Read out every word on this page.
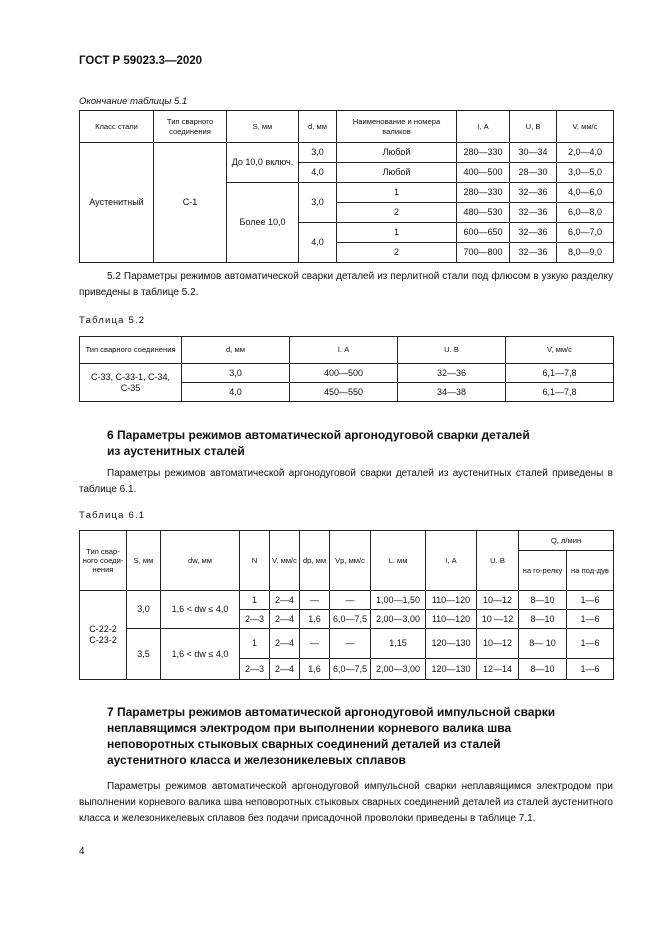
ГОСТ Р 59023.3—2020
Окончание таблицы 5.1
Класс стали	Тип сварного соединения	S, мм	d, мм	Наименование и номера валиков	I, А	U, В	V. мм/с
Аустенитный	С-1	До 10,0 включ.	3,0	Любой	280—330	30—34	2,0—4,0
			4,0	Любой	400—500	28—30	3,0—5,0
		Более 10,0	3,0	1	280—330	32—36	4,0—6,0
				2	480—530	32—36	6,0—8,0
			4,0	1	600—650	32—36	6,0—7,0
				2	700—800	32—36	8,0—9,0

5.2 Параметры режимов автоматической сварки деталей из перлитной стали под флюсом в узкую разделку приведены в таблице 5.2.

Таблица 5.2
Тип сварного соединения	d, мм	I. А	U. В	V, мм/с
С-33, С-33-1, С-34, С-35	3,0	400—500	32—36	6,1—7,8
	4,0	450—550	34—38	6,1—7,8
6 Параметры режимов автоматической аргонодуговой сварки деталей
из аустенитных сталей

Параметры режимов автоматической аргонодуговой сварки деталей из аустенитных сталей приведены в таблице 6.1.

Таблица 6.1
Тип свар-ного соеди-нения	S, мм	dw, мм	N	V, мм/с	dp, мм	Vp, мм/с	L. мм	I, А	U. В	Q, л/мин	
										на го-релку	на под-дув
С-22-2 С-23-2	3,0	1,6 < dw ≤ 4,0	1	2—4	—	—	1,00—1,50	110—120	10—12	8—10	1—6
			2—3	2—4	1,6	6,0—7,5	2,00—3,00	110—120	10 —12	8—10	1—6
	3,5	1,6 < dw ≤ 4,0	1	2—4	—	—	1,15	120—130	10—12	8— 10	1—6
			2—3	2—4	1,6	6,0—7,5	2,00—3,00	120—130	12—14	8—10	1—6

7 Параметры режимов автоматической аргонодуговой импульсной сварки неплавящимся электродом при выполнении корневого валика шва неповоротных стыковых сварных соединений деталей из сталей аустенитного класса и железоникелевых сплавов

Параметры режимов автоматической аргонодуговой импульсной сварки неплавящимся электродом при выполнении корневого валика шва неповоротных стыковых сварных соединений деталей из сталей аустенитного класса и железоникелевых сплавов без подачи присадочной проволоки приведены в таблице 7.1.

4
